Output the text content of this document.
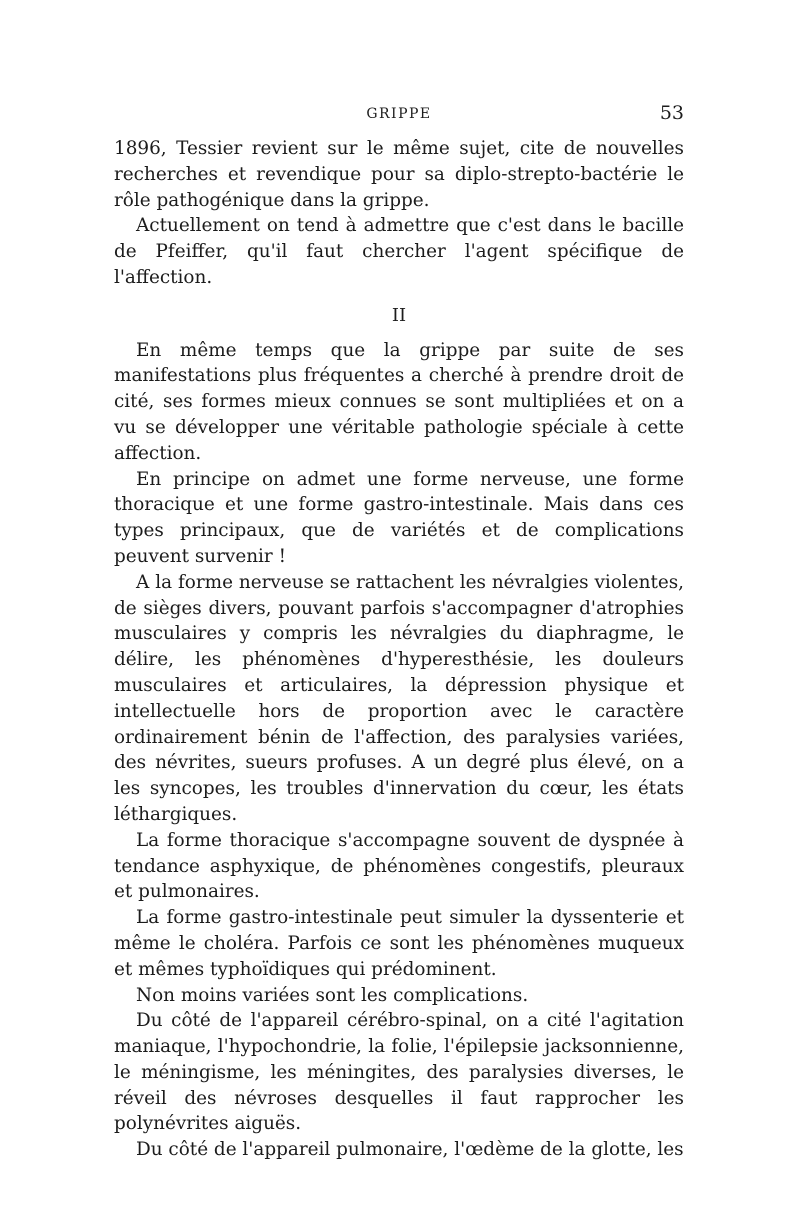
GRIPPE	53

1896, Tessier revient sur le même sujet, cite de nouvelles recherches et revendique pour sa diplo-strepto-bactérie le rôle pathogénique dans la grippe.

Actuellement on tend à admettre que c'est dans le bacille de Pfeiffer, qu'il faut chercher l'agent spécifique de l'affection.

II

En même temps que la grippe par suite de ses manifestations plus fréquentes a cherché à prendre droit de cité, ses formes mieux connues se sont multipliées et on a vu se développer une véritable pathologie spéciale à cette affection.

En principe on admet une forme nerveuse, une forme thoracique et une forme gastro-intestinale. Mais dans ces types principaux, que de variétés et de complications peuvent survenir !

A la forme nerveuse se rattachent les névralgies violentes, de sièges divers, pouvant parfois s'accompagner d'atrophies musculaires y compris les névralgies du diaphragme, le délire, les phénomènes d'hyperesthésie, les douleurs musculaires et articulaires, la dépression physique et intellectuelle hors de proportion avec le caractère ordinairement bénin de l'affection, des paralysies variées, des névrites, sueurs profuses. A un degré plus élevé, on a les syncopes, les troubles d'innervation du cœur, les états léthargiques.

La forme thoracique s'accompagne souvent de dyspnée à tendance asphyxique, de phénomènes congestifs, pleuraux et pulmonaires.

La forme gastro-intestinale peut simuler la dyssenterie et même le choléra. Parfois ce sont les phénomènes muqueux et mêmes typhoïdiques qui prédominent.

Non moins variées sont les complications.

Du côté de l'appareil cérébro-spinal, on a cité l'agitation maniaque, l'hypochondrie, la folie, l'épilepsie jacksonnienne, le méningisme, les méningites, des paralysies diverses, le réveil des névroses desquelles il faut rapprocher les polynévrites aiguës.

Du côté de l'appareil pulmonaire, l'œdème de la glotte, les
